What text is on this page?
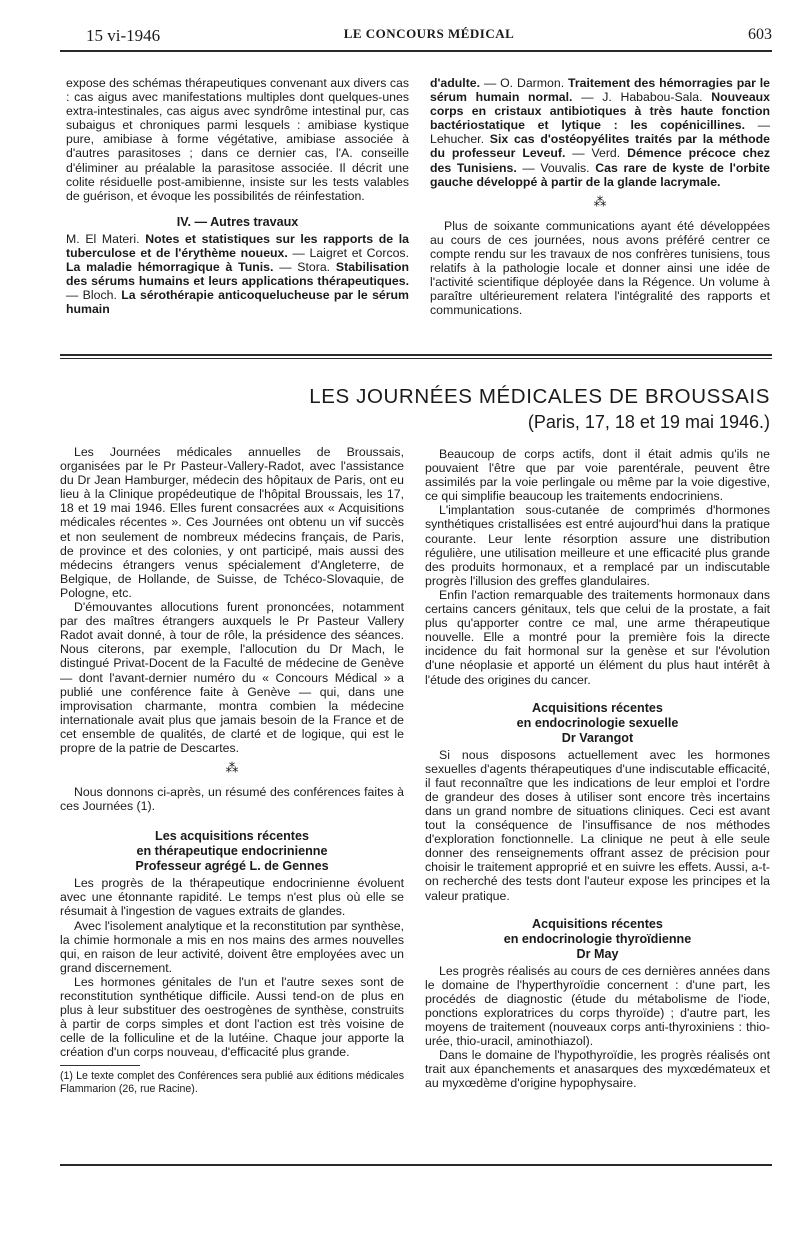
15 vi-1946	LE CONCOURS MÉDICAL	603

expose des schémas thérapeutiques convenant aux divers cas : cas aigus avec manifestations multiples dont quelques-unes extra-intestinales, cas aigus avec syndrôme intestinal pur, cas subaigus et chroniques parmi lesquels : amibiase kystique pure, amibiase à forme végétative, amibiase associée à d'autres parasitoses ; dans ce dernier cas, l'A. conseille d'éliminer au préalable la parasitose associée. Il décrit une colite résiduelle post-amibienne, insiste sur les tests valables de guérison, et évoque les possibilités de réinfestation.

IV. — Autres travaux

M. El Materi. Notes et statistiques sur les rapports de la tuberculose et de l'érythème noueux. — Laigret et Corcos. La maladie hémorragique à Tunis. — Stora. Stabilisation des sérums humains et leurs applications thérapeutiques. — Bloch. La sérothérapie anticoquelucheuse par le sérum humain

d'adulte. — O. Darmon. Traitement des hémorragies par le sérum humain normal. — J. Hababou-Sala. Nouveaux corps en cristaux antibiotiques à très haute fonction bactériostatique et lytique : les copénicillines. — Lehucher. Six cas d'ostéopyélites traités par la méthode du professeur Leveuf. — Verd. Démence précoce chez des Tunisiens. — Vouvalis. Cas rare de kyste de l'orbite gauche développé à partir de la glande lacrymale.

⁂

Plus de soixante communications ayant été développées au cours de ces journées, nous avons préféré centrer ce compte rendu sur les travaux de nos confrères tunisiens, tous relatifs à la pathologie locale et donner ainsi une idée de l'activité scientifique déployée dans la Régence. Un volume à paraître ultérieurement relatera l'intégralité des rapports et communications.

LES JOURNÉES MÉDICALES DE BROUSSAIS
(Paris, 17, 18 et 19 mai 1946.)

Les Journées médicales annuelles de Broussais, organisées par le Pr Pasteur-Vallery-Radot, avec l'assistance du Dr Jean Hamburger, médecin des hôpitaux de Paris, ont eu lieu à la Clinique propédeutique de l'hôpital Broussais, les 17, 18 et 19 mai 1946. Elles furent consacrées aux « Acquisitions médicales récentes ». Ces Journées ont obtenu un vif succès et non seulement de nombreux médecins français, de Paris, de province et des colonies, y ont participé, mais aussi des médecins étrangers venus spécialement d'Angleterre, de Belgique, de Hollande, de Suisse, de Tchéco-Slovaquie, de Pologne, etc.

D'émouvantes allocutions furent prononcées, notamment par des maîtres étrangers auxquels le Pr Pasteur Vallery Radot avait donné, à tour de rôle, la présidence des séances. Nous citerons, par exemple, l'allocution du Dr Mach, le distingué Privat-Docent de la Faculté de médecine de Genève — dont l'avant-dernier numéro du « Concours Médical » a publié une conférence faite à Genève — qui, dans une improvisation charmante, montra combien la médecine internationale avait plus que jamais besoin de la France et de cet ensemble de qualités, de clarté et de logique, qui est le propre de la patrie de Descartes.

⁂

Nous donnons ci-après, un résumé des conférences faites à ces Journées (1).

Les acquisitions récentes
en thérapeutique endocrinienne
Professeur agrégé L. de Gennes

Les progrès de la thérapeutique endocrinienne évoluent avec une étonnante rapidité. Le temps n'est plus où elle se résumait à l'ingestion de vagues extraits de glandes.

Avec l'isolement analytique et la reconstitution par synthèse, la chimie hormonale a mis en nos mains des armes nouvelles qui, en raison de leur activité, doivent être employées avec un grand discernement.

Les hormones génitales de l'un et l'autre sexes sont de reconstitution synthétique difficile. Aussi tend-on de plus en plus à leur substituer des oestrogènes de synthèse, construits à partir de corps simples et dont l'action est très voisine de celle de la folliculine et de la lutéine. Chaque jour apporte la création d'un corps nouveau, d'efficacité plus grande.

(1) Le texte complet des Conférences sera publié aux éditions médicales Flammarion (26, rue Racine).

Beaucoup de corps actifs, dont il était admis qu'ils ne pouvaient l'être que par voie parentérale, peuvent être assimilés par la voie perlingale ou même par la voie digestive, ce qui simplifie beaucoup les traitements endocriniens.

L'implantation sous-cutanée de comprimés d'hormones synthétiques cristallisées est entré aujourd'hui dans la pratique courante. Leur lente résorption assure une distribution régulière, une utilisation meilleure et une efficacité plus grande des produits hormonaux, et a remplacé par un indiscutable progrès l'illusion des greffes glandulaires.

Enfin l'action remarquable des traitements hormonaux dans certains cancers génitaux, tels que celui de la prostate, a fait plus qu'apporter contre ce mal, une arme thérapeutique nouvelle. Elle a montré pour la première fois la directe incidence du fait hormonal sur la genèse et sur l'évolution d'une néoplasie et apporté un élément du plus haut intérêt à l'étude des origines du cancer.

Acquisitions récentes
en endocrinologie sexuelle
Dr Varangot

Si nous disposons actuellement avec les hormones sexuelles d'agents thérapeutiques d'une indiscutable efficacité, il faut reconnaître que les indications de leur emploi et l'ordre de grandeur des doses à utiliser sont encore très incertains dans un grand nombre de situations cliniques. Ceci est avant tout la conséquence de l'insuffisance de nos méthodes d'exploration fonctionnelle. La clinique ne peut à elle seule donner des renseignements offrant assez de précision pour choisir le traitement approprié et en suivre les effets. Aussi, a-t-on recherché des tests dont l'auteur expose les principes et la valeur pratique.

Acquisitions récentes
en endocrinologie thyroïdienne
Dr May

Les progrès réalisés au cours de ces dernières années dans le domaine de l'hyperthyroïdie concernent : d'une part, les procédés de diagnostic (étude du métabolisme de l'iode, ponctions exploratrices du corps thyroïde) ; d'autre part, les moyens de traitement (nouveaux corps anti-thyroxiniens : thio-urée, thio-uracil, aminothiazol).

Dans le domaine de l'hypothyroïdie, les progrès réalisés ont trait aux épanchements et anasarques des myxœdémateux et au myxœdème d'origine hypophysaire.
